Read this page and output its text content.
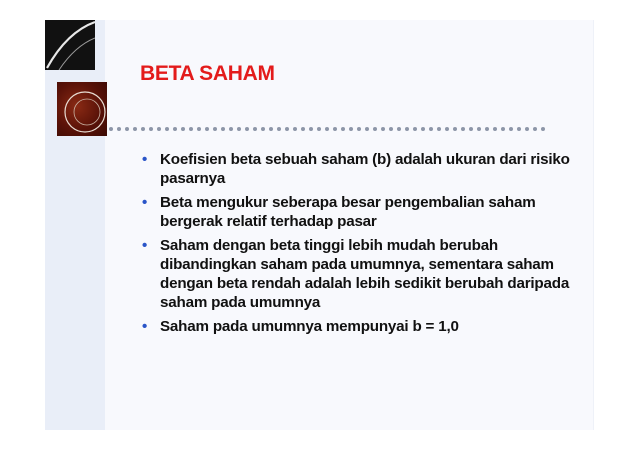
BETA SAHAM
• Koefisien beta sebuah saham (b) adalah ukuran dari risiko pasarnya
• Beta mengukur seberapa besar pengembalian saham bergerak relatif terhadap pasar
• Saham dengan beta tinggi lebih mudah berubah dibandingkan saham pada umumnya, sementara saham dengan beta rendah adalah lebih sedikit berubah daripada saham pada umumnya
• Saham pada umumnya mempunyai b = 1,0
